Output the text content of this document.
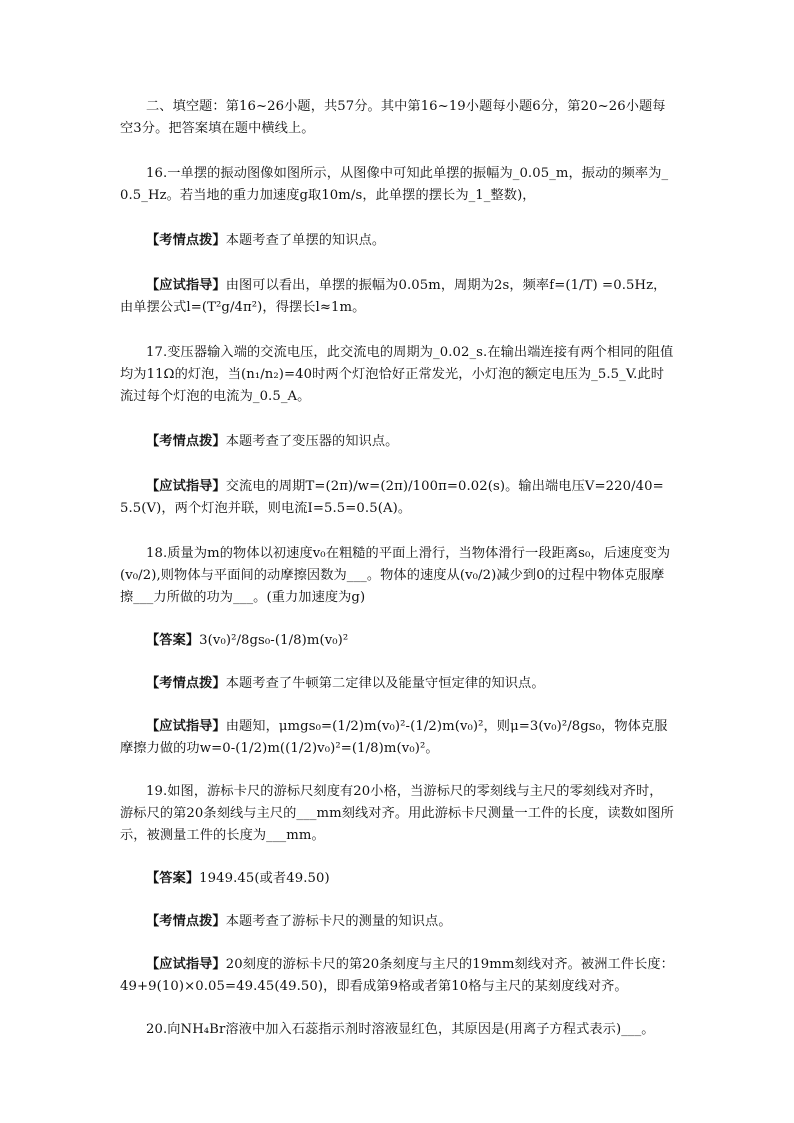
二、填空题：第16~26小题，共57分。其中第16~19小题每小题6分，第20~26小题每空3分。把答案填在题中横线上。

16.一单摆的振动图像如图所示，从图像中可知此单摆的振幅为_0.05_m，振动的频率为_0.5_Hz。若当地的重力加速度g取10m/s，此单摆的摆长为_1_整数)，

【考情点拨】本题考查了单摆的知识点。

【应试指导】由图可以看出，单摆的振幅为0.05m，周期为2s，频率f=(1/T) =0.5Hz，由单摆公式l=(T²g/4π²)，得摆长l≈1m。

17.变压器输入端的交流电压，此交流电的周期为_0.02_s.在输出端连接有两个相同的阻值均为11Ω的灯泡，当(n₁/n₂)=40时两个灯泡恰好正常发光，小灯泡的额定电压为_5.5_V.此时流过每个灯泡的电流为_0.5_A。

【考情点拨】本题考查了变压器的知识点。

【应试指导】交流电的周期T=(2π)/w=(2π)/100π=0.02(s)。输出端电压V=220/40=5.5(V)，两个灯泡并联，则电流I=5.5=0.5(A)。

18.质量为m的物体以初速度v₀在粗糙的平面上滑行，当物体滑行一段距离s₀，后速度变为(v₀/2),则物体与平面间的动摩擦因数为___。物体的速度从(v₀/2)减少到0的过程中物体克服摩擦___力所做的功为___。(重力加速度为g)

【答案】3(v₀)²/8gs₀-(1/8)m(v₀)²

【考情点拨】本题考查了牛顿第二定律以及能量守恒定律的知识点。

【应试指导】由题知，μmgs₀=(1/2)m(v₀)²-(1/2)m(v₀)²，则μ=3(v₀)²/8gs₀，物体克服摩擦力做的功w=0-(1/2)m((1/2)v₀)²=(1/8)m(v₀)²。

19.如图，游标卡尺的游标尺刻度有20小格，当游标尺的零刻线与主尺的零刻线对齐时，游标尺的第20条刻线与主尺的___mm刻线对齐。用此游标卡尺测量一工件的长度，读数如图所示，被测量工件的长度为___mm。

【答案】1949.45(或者49.50)

【考情点拨】本题考查了游标卡尺的测量的知识点。

【应试指导】20刻度的游标卡尺的第20条刻度与主尺的19mm刻线对齐。被洲工件长度：49+9(10)×0.05=49.45(49.50)，即看成第9格或者第10格与主尺的某刻度线对齐。

20.向NH₄Br溶液中加入石蕊指示剂时溶液显红色，其原因是(用离子方程式表示)___。
